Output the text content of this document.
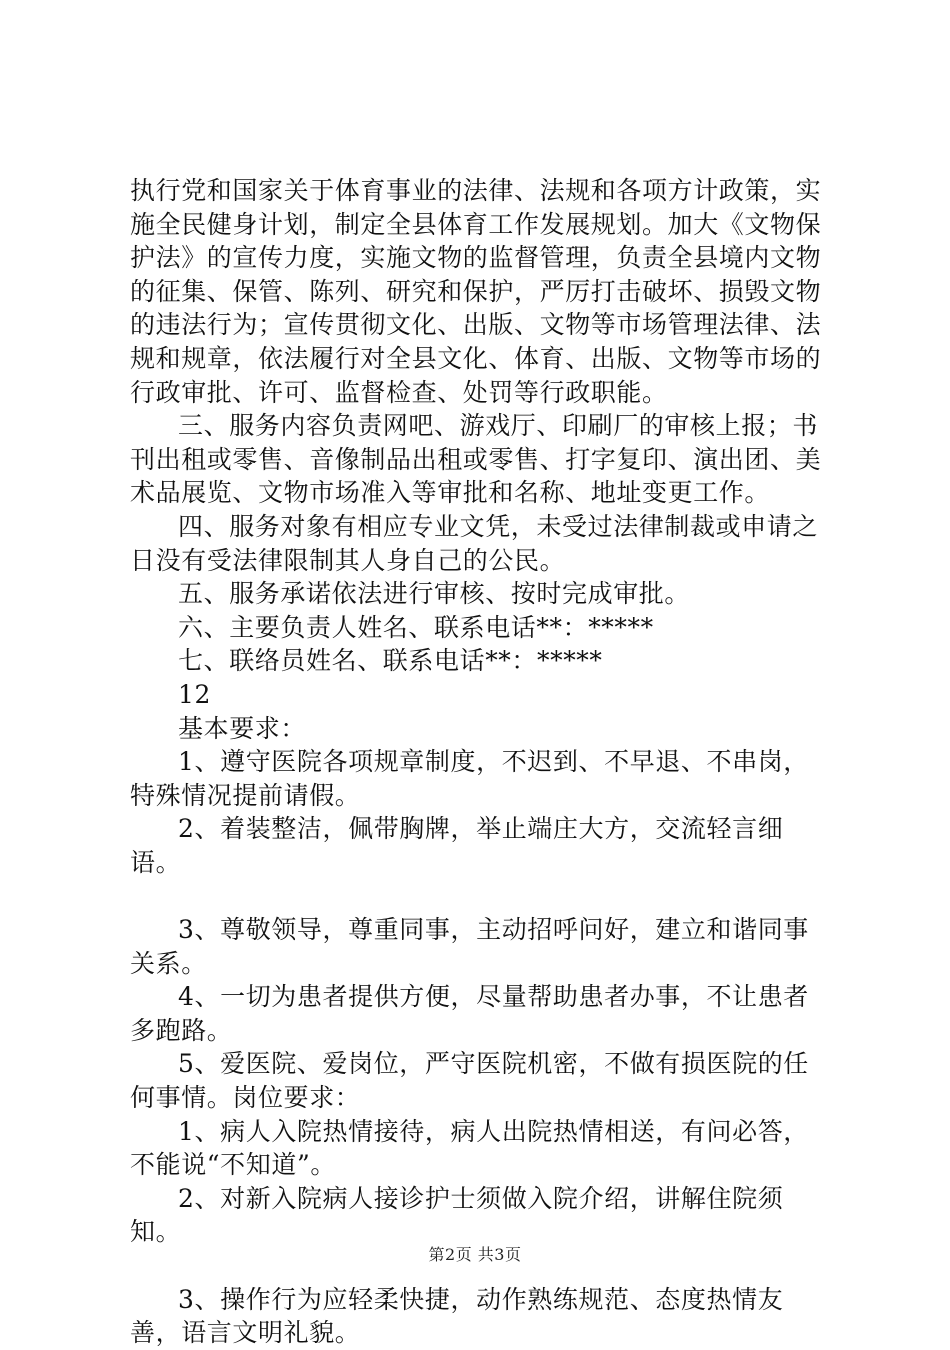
执行党和国家关于体育事业的法律、法规和各项方计政策，实施全民健身计划，制定全县体育工作发展规划。加大《文物保护法》的宣传力度，实施文物的监督管理，负责全县境内文物的征集、保管、陈列、研究和保护，严厉打击破坏、损毁文物的违法行为；宣传贯彻文化、出版、文物等市场管理法律、法规和规章，依法履行对全县文化、体育、出版、文物等市场的行政审批、许可、监督检查、处罚等行政职能。

三、服务内容负责网吧、游戏厅、印刷厂的审核上报；书刊出租或零售、音像制品出租或零售、打字复印、演出团、美术品展览、文物市场准入等审批和名称、地址变更工作。

四、服务对象有相应专业文凭，未受过法律制裁或申请之日没有受法律限制其人身自己的公民。

五、服务承诺依法进行审核、按时完成审批。

六、主要负责人姓名、联系电话**：*****

七、联络员姓名、联系电话**：*****

12

基本要求：

1、遵守医院各项规章制度，不迟到、不早退、不串岗，特殊情况提前请假。

2、着装整洁，佩带胸牌，举止端庄大方，交流轻言细语。

3、尊敬领导，尊重同事，主动招呼问好，建立和谐同事关系。

4、一切为患者提供方便，尽量帮助患者办事，不让患者多跑路。

5、爱医院、爱岗位，严守医院机密，不做有损医院的任何事情。岗位要求：

1、病人入院热情接待，病人出院热情相送，有问必答，不能说“不知道”。

2、对新入院病人接诊护士须做入院介绍，讲解住院须知。

3、操作行为应轻柔快捷，动作熟练规范、态度热情友善，语言文明礼貌。

第2页 共3页
